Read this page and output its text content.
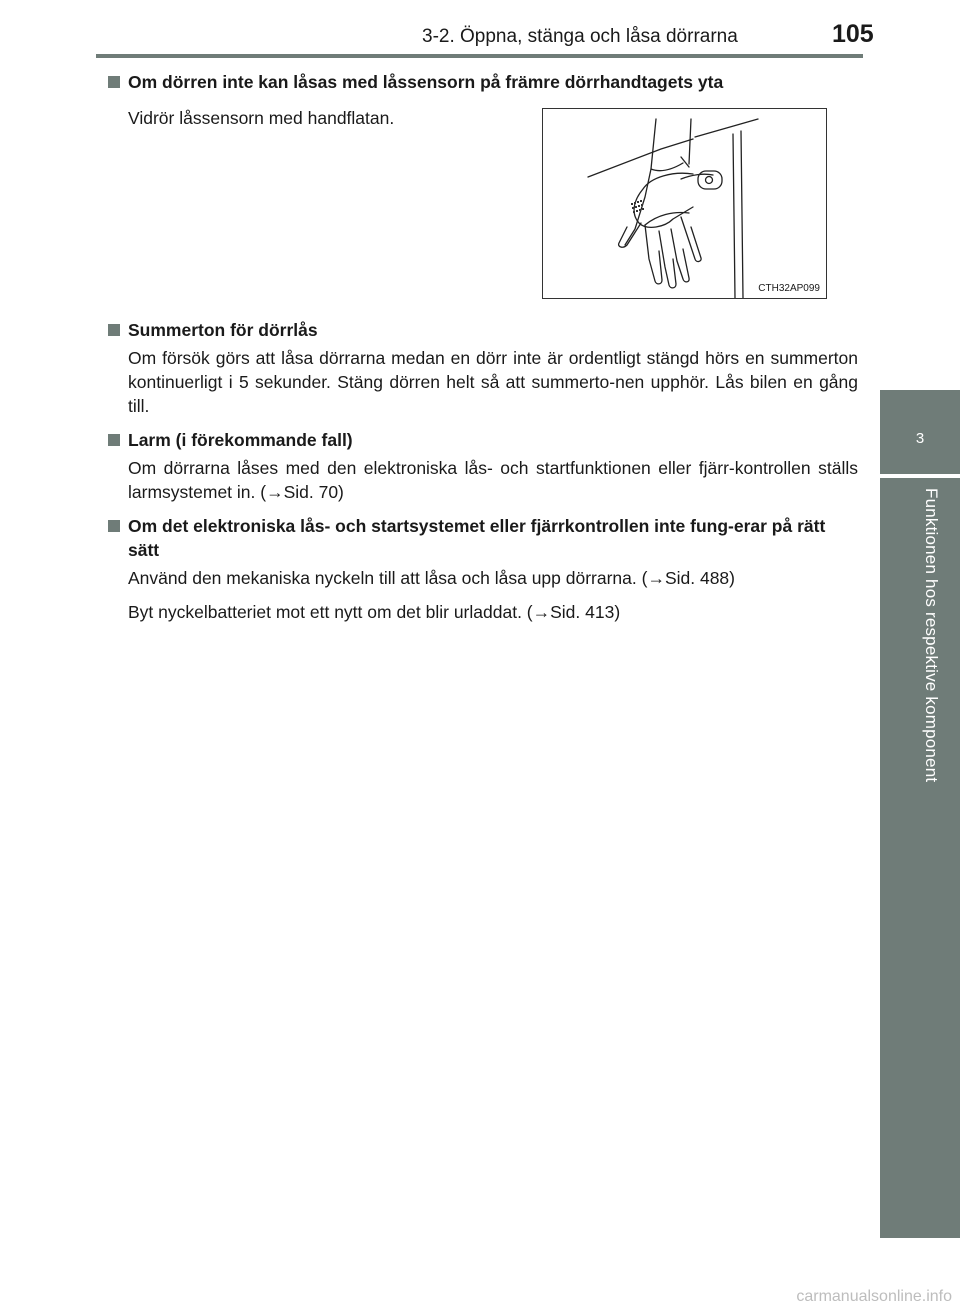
3-2. Öppna, stänga och låsa dörrarna	105
3
Funktionen hos respektive komponent
Om dörren inte kan låsas med låssensorn på främre dörrhandtagets yta
Vidrör låssensorn med handflatan.
CTH32AP099
Summerton för dörrlås
Om försök görs att låsa dörrarna medan en dörr inte är ordentligt stängd hörs en summerton kontinuerligt i 5 sekunder. Stäng dörren helt så att summerto-nen upphör. Lås bilen en gång till.
Larm (i förekommande fall)
Om dörrarna låses med den elektroniska lås- och startfunktionen eller fjärr-kontrollen ställs larmsystemet in. (→Sid. 70)
Om det elektroniska lås- och startsystemet eller fjärrkontrollen inte fung-erar på rätt sätt
Använd den mekaniska nyckeln till att låsa och låsa upp dörrarna. (→Sid. 488)
Byt nyckelbatteriet mot ett nytt om det blir urladdat. (→Sid. 413)
carmanualsonline.info
